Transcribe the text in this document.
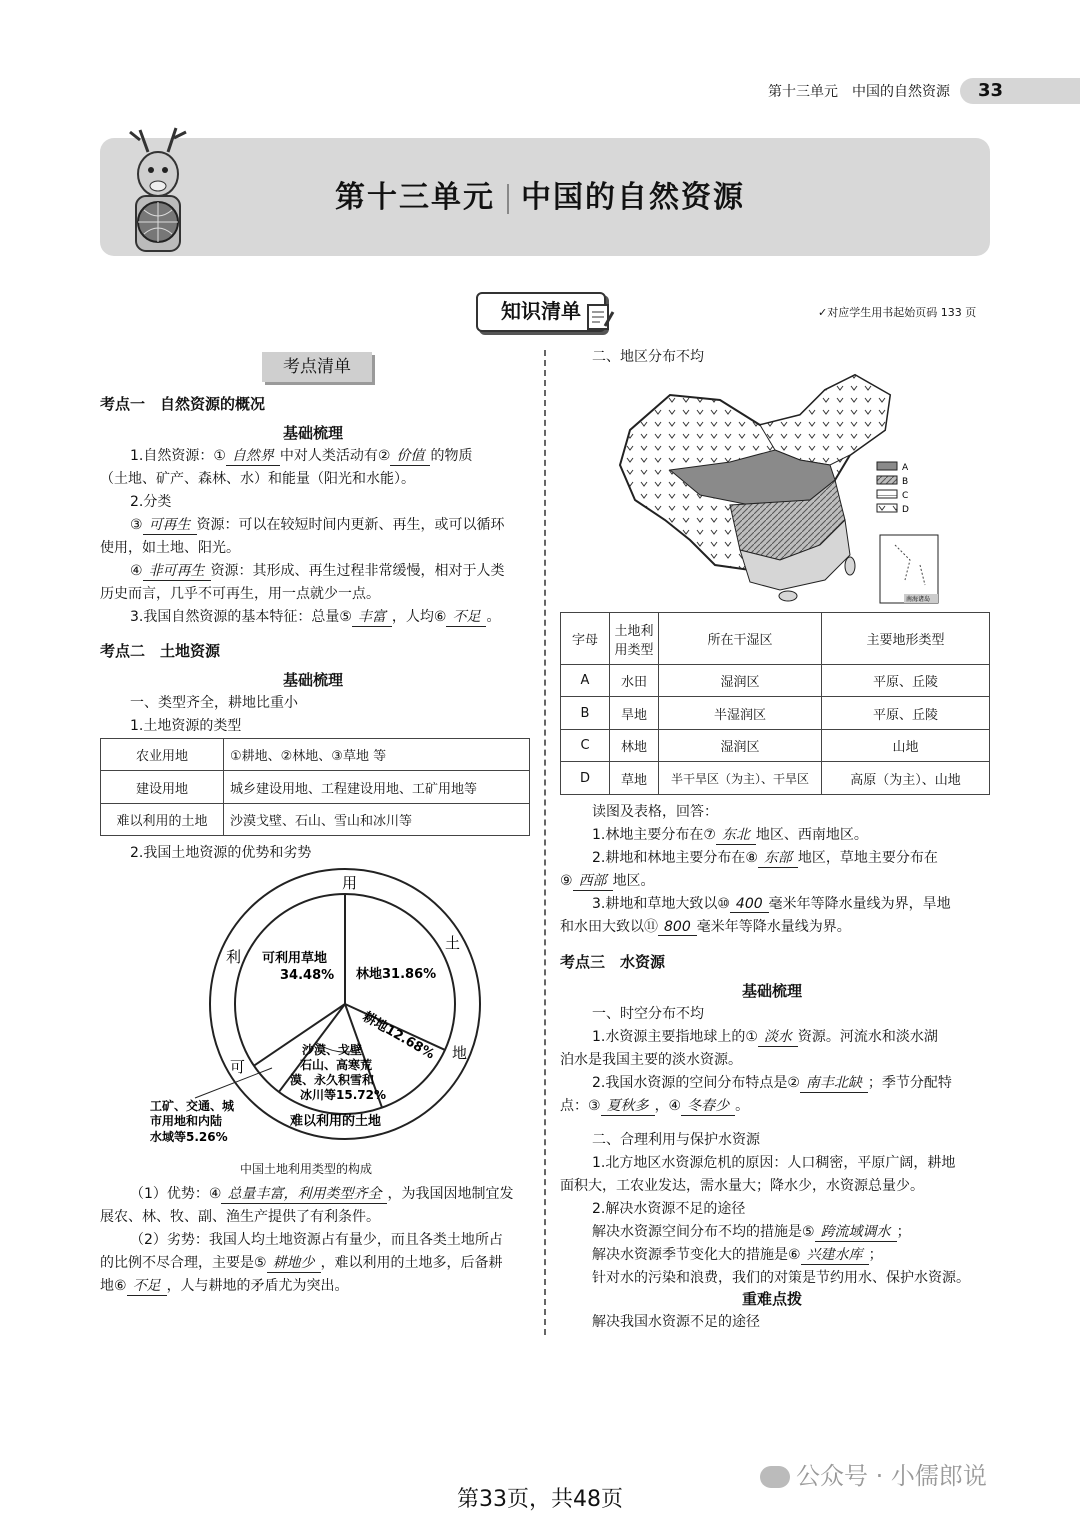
第十三单元　中国的自然资源	33
第十三单元 中国的自然资源
知识清单	✓对应学生用书起始页码 133 页
考点清单
考点一　自然资源的概况
基础梳理
1.自然资源：① 自然界 中对人类活动有② 价值 的物质
（土地、矿产、森林、水）和能量（阳光和水能）。
2.分类
③ 可再生 资源：可以在较短时间内更新、再生，或可以循环
使用，如土地、阳光。
④ 非可再生 资源：其形成、再生过程非常缓慢，相对于人类
历史而言，几乎不可再生，用一点就少一点。
3.我国自然资源的基本特征：总量⑤ 丰富 ，人均⑥ 不足 。
考点二　土地资源
基础梳理
一、类型齐全，耕地比重小
1.土地资源的类型
农业用地	①耕地、②林地、③草地 等
建设用地	城乡建设用地、工程建设用地、工矿用地等
难以利用的土地	沙漠戈壁、石山、雪山和冰川等
2.我国土地资源的优势和劣势
用
土
地
可
利 可利用草地
34.48% 林地31.86%
耕地12.68%
沙漠、戈壁
石山、高寒荒
漠、永久积雪和
冰川等15.72%
难以利用的土地
工矿、交通、城
市用地和内陆
水域等5.26%
中国土地利用类型的构成
（1）优势：④ 总量丰富，利用类型齐全 ，为我国因地制宜发
展农、林、牧、副、渔生产提供了有利条件。
（2）劣势：我国人均土地资源占有量少，而且各类土地所占
的比例不尽合理，主要是⑤ 耕地少 ，难以利用的土地多，后备耕
地⑥ 不足 ，人与耕地的矛盾尤为突出。
二、地区分布不均
A
B
C
D
南海诸岛
字母	土地利用类型	所在干湿区	主要地形类型
A	水田	湿润区	平原、丘陵
B	旱地	半湿润区	平原、丘陵
C	林地	湿润区	山地
D	草地	半干旱区（为主）、干旱区	高原（为主）、山地
读图及表格，回答：
1.林地主要分布在⑦ 东北 地区、西南地区。
2.耕地和林地主要分布在⑧ 东部 地区，草地主要分布在
⑨ 西部 地区。
3.耕地和草地大致以⑩ 400 毫米年等降水量线为界，旱地
和水田大致以⑪ 800 毫米年等降水量线为界。
考点三　水资源
基础梳理
一、时空分布不均
1.水资源主要指地球上的① 淡水 资源。河流水和淡水湖
泊水是我国主要的淡水资源。
2.我国水资源的空间分布特点是② 南丰北缺 ；季节分配特
点：③ 夏秋多 ，④ 冬春少 。
二、合理利用与保护水资源
1.北方地区水资源危机的原因：人口稠密，平原广阔，耕地
面积大，工农业发达，需水量大；降水少，水资源总量少。
2.解决水资源不足的途径
解决水资源空间分布不均的措施是⑤ 跨流域调水 ；
解决水资源季节变化大的措施是⑥ 兴建水库 ；
针对水的污染和浪费，我们的对策是节约用水、保护水资源。
重难点拨
解决我国水资源不足的途径
公众号 · 小儒郎说
第33页，共48页
